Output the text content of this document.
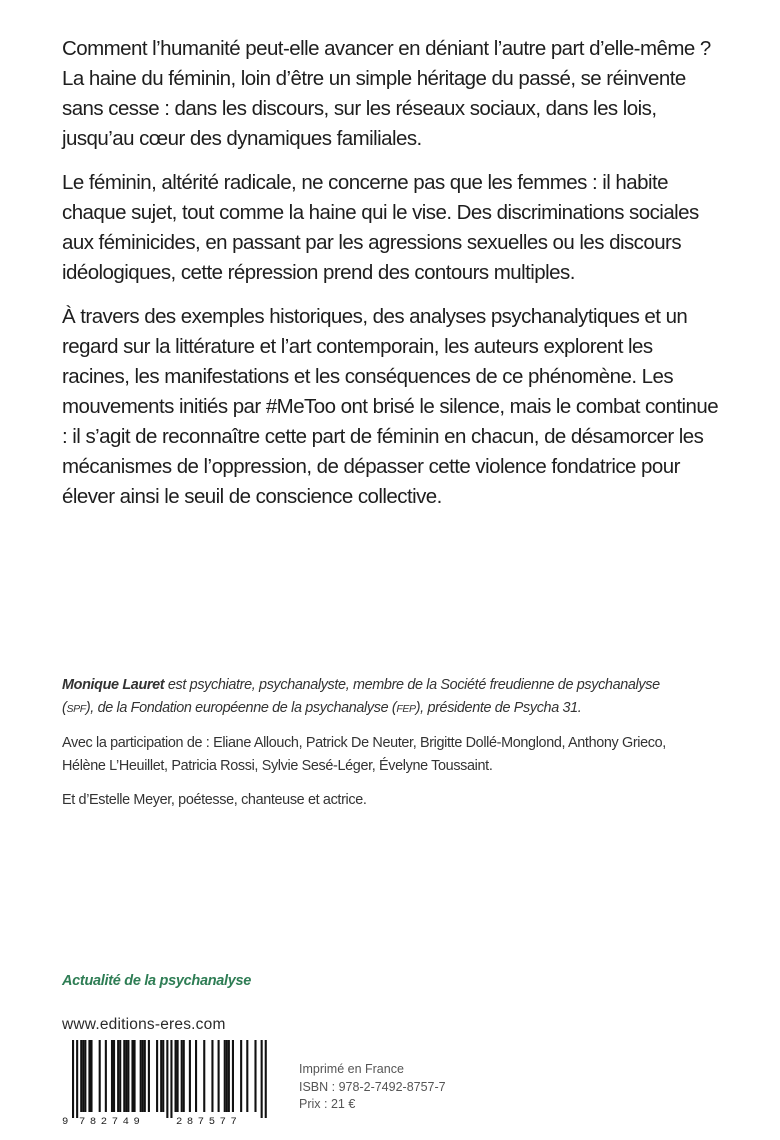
Comment l’humanité peut-elle avancer en déniant l’autre part d’elle-même ? La haine du féminin, loin d’être un simple héritage du passé, se réinvente sans cesse : dans les discours, sur les réseaux sociaux, dans les lois, jusqu’au cœur des dynamiques familiales.

Le féminin, altérité radicale, ne concerne pas que les femmes : il habite chaque sujet, tout comme la haine qui le vise. Des discriminations sociales aux féminicides, en passant par les agressions sexuelles ou les discours idéologiques, cette répression prend des contours multiples.

À travers des exemples historiques, des analyses psychanalytiques et un regard sur la littérature et l’art contemporain, les auteurs explorent les racines, les manifestations et les conséquences de ce phénomène. Les mouvements initiés par #MeToo ont brisé le silence, mais le combat continue : il s’agit de reconnaître cette part de féminin en chacun, de désamorcer les mécanismes de l’oppression, de dépasser cette violence fondatrice pour élever ainsi le seuil de conscience collective.

Monique Lauret est psychiatre, psychanalyste, membre de la Société freudienne de psychanalyse (SPF), de la Fondation européenne de la psychanalyse (FEP), présidente de Psycha 31.

Avec la participation de : Eliane Allouch, Patrick De Neuter, Brigitte Dollé-Monglond, Anthony Grieco, Hélène L’Heuillet, Patricia Rossi, Sylvie Sesé-Léger, Évelyne Toussaint.

Et d’Estelle Meyer, poétesse, chanteuse et actrice.

Actualité de la psychanalyse
www.editions-eres.com
9 782749	287577
Imprimé en France
ISBN : 978-2-7492-8757-7
Prix : 21 €
